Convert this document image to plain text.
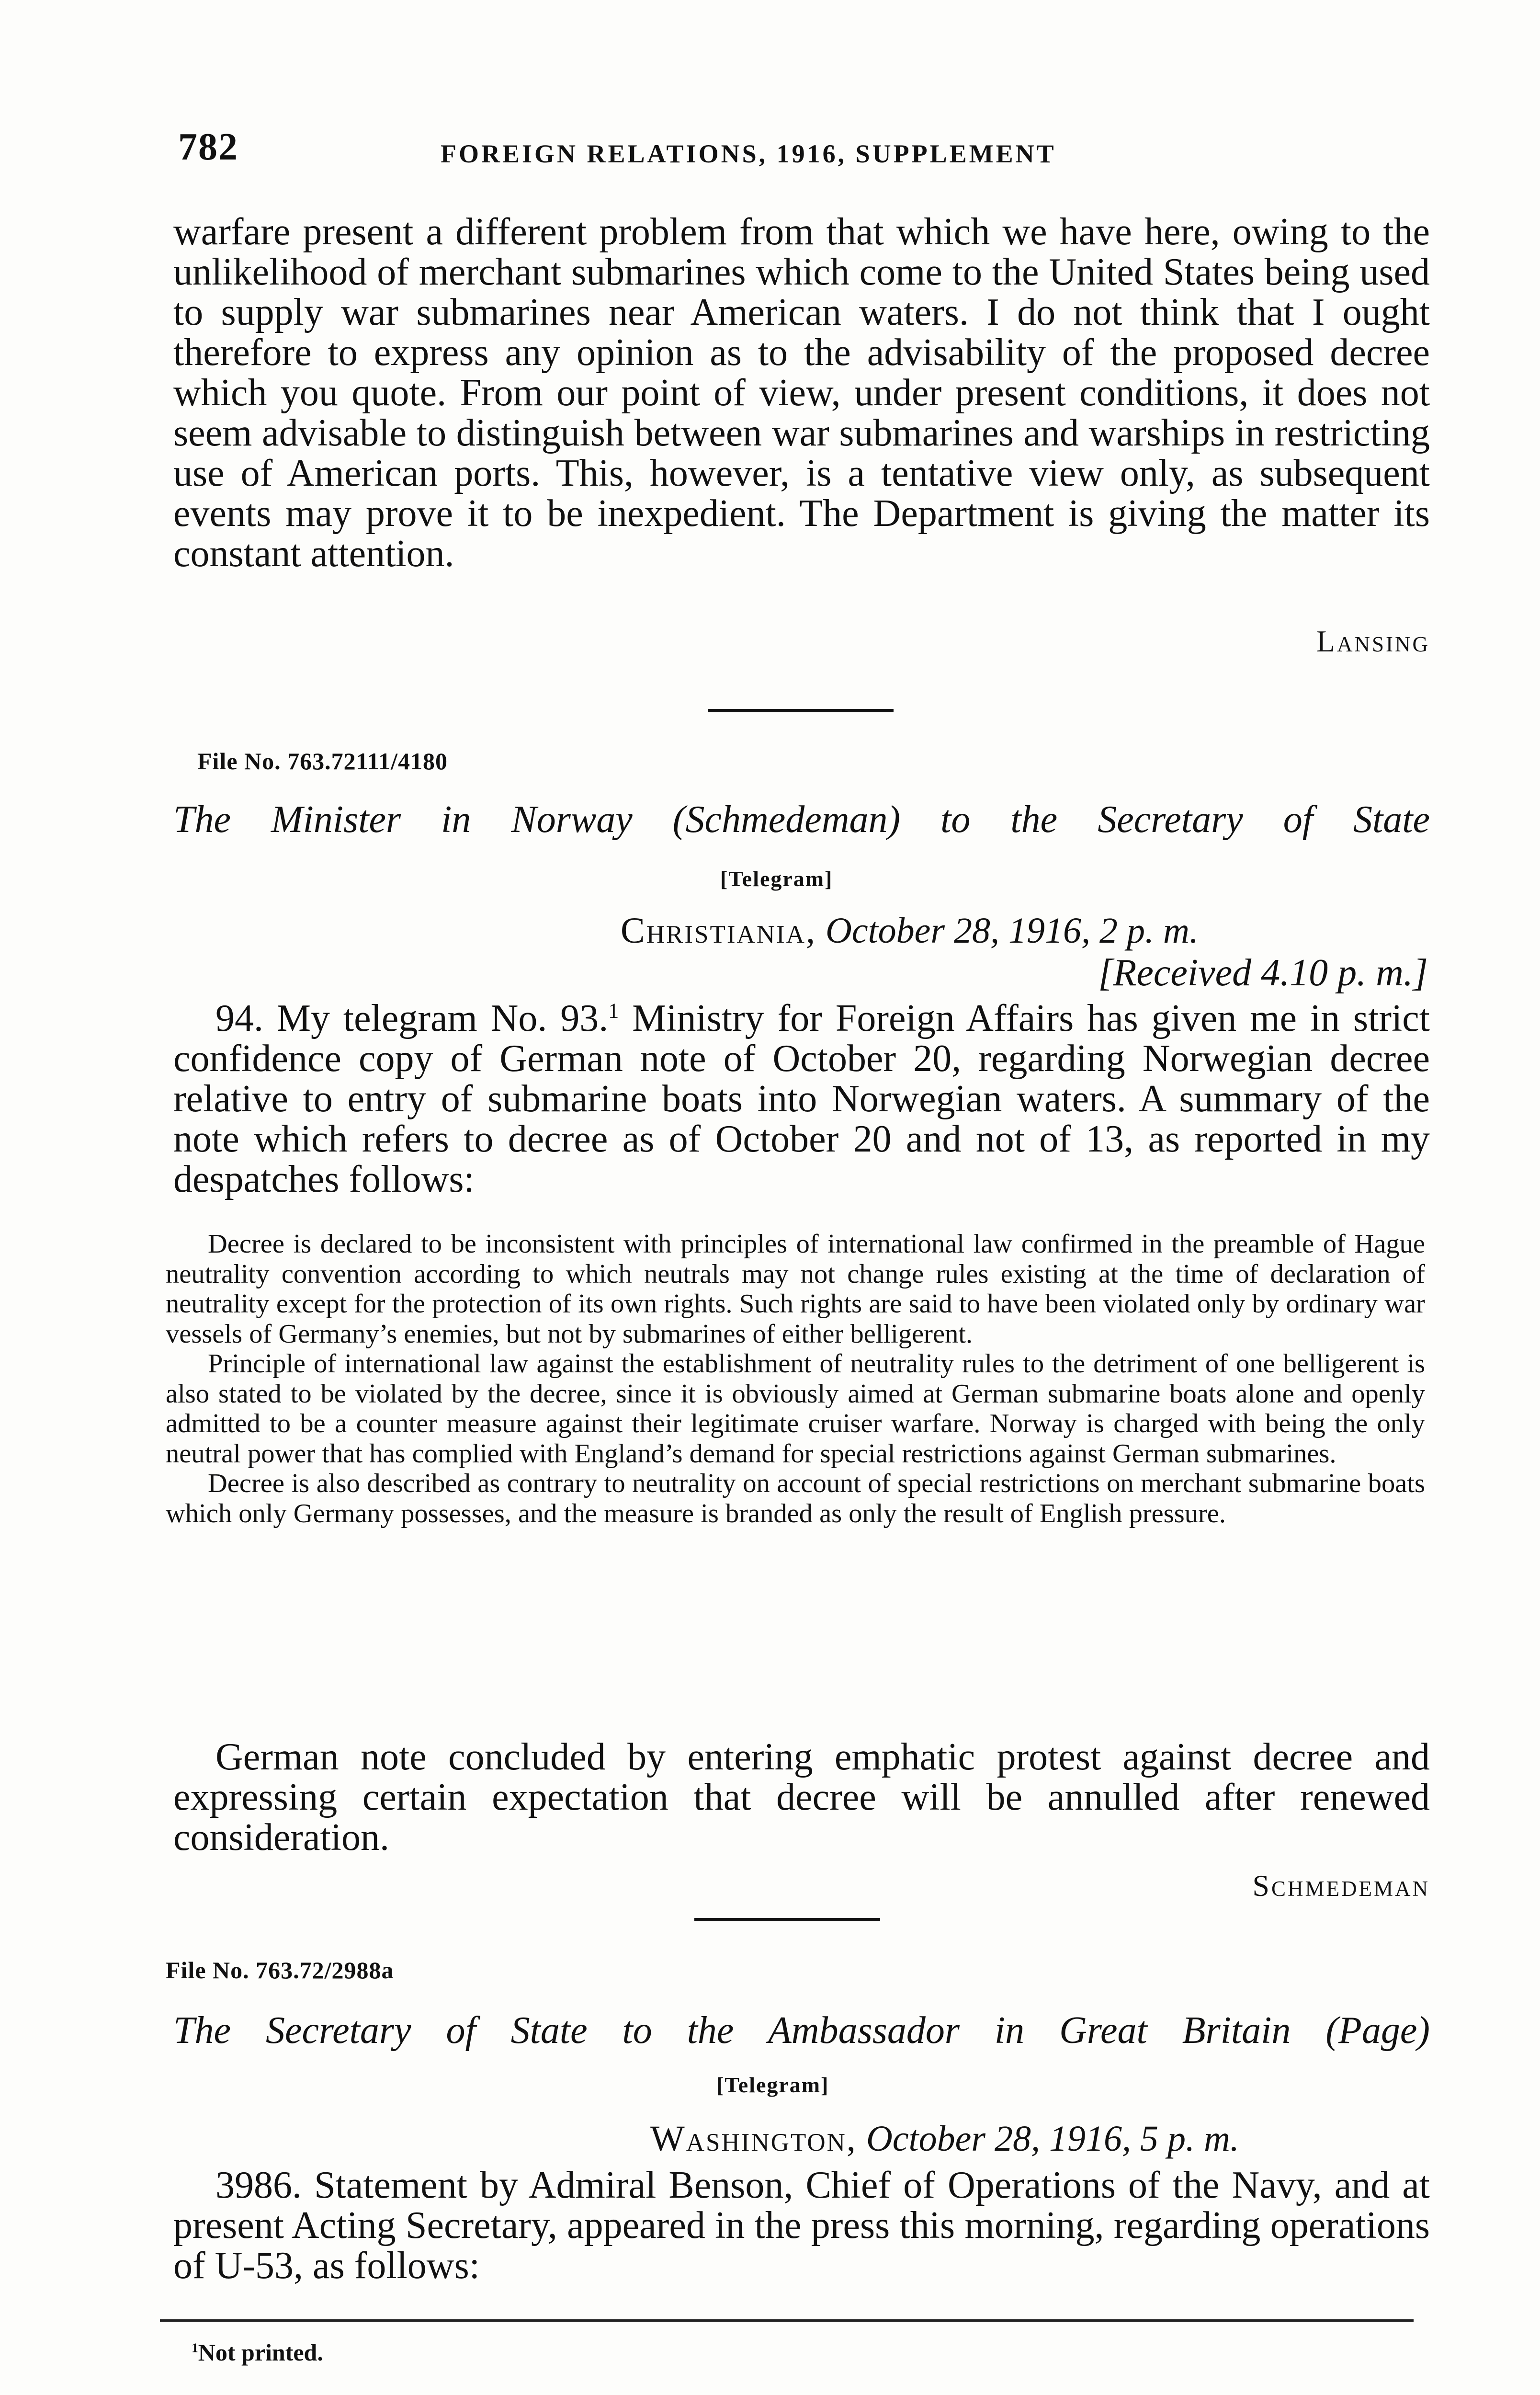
782	FOREIGN RELATIONS, 1916, SUPPLEMENT

warfare present a different problem from that which we have here, owing to the unlikelihood of merchant submarines which come to the United States being used to supply war submarines near American waters. I do not think that I ought therefore to express any opinion as to the advisability of the proposed decree which you quote. From our point of view, under present conditions, it does not seem advisable to distinguish between war submarines and warships in restricting use of American ports. This, however, is a tentative view only, as subsequent events may prove it to be inexpedient. The Department is giving the matter its constant attention.

Lansing
File No. 763.72111/4180
The Minister in Norway (Schmedeman) to the Secretary of State
[Telegram]
Christiania, October 28, 1916, 2 p. m.
[Received 4.10 p. m.]

94. My telegram No. 93.$^1$ Ministry for Foreign Affairs has given me in strict confidence copy of German note of October 20, regarding Norwegian decree relative to entry of submarine boats into Norwegian waters. A summary of the note which refers to decree as of October 20 and not of 13, as reported in my despatches follows:

Decree is declared to be inconsistent with principles of international law confirmed in the preamble of Hague neutrality convention according to which neutrals may not change rules existing at the time of declaration of neutrality except for the protection of its own rights. Such rights are said to have been violated only by ordinary war vessels of Germany’s enemies, but not by submarines of either belligerent.

Principle of international law against the establishment of neutrality rules to the detriment of one belligerent is also stated to be violated by the decree, since it is obviously aimed at German submarine boats alone and openly admitted to be a counter measure against their legitimate cruiser warfare. Norway is charged with being the only neutral power that has complied with England’s demand for special restrictions against German submarines.

Decree is also described as contrary to neutrality on account of special restrictions on merchant submarine boats which only Germany possesses, and the measure is branded as only the result of English pressure.

German note concluded by entering emphatic protest against decree and expressing certain expectation that decree will be annulled after renewed consideration.

Schmedeman
File No. 763.72/2988a
The Secretary of State to the Ambassador in Great Britain (Page)
[Telegram]
Washington, October 28, 1916, 5 p. m.

3986. Statement by Admiral Benson, Chief of Operations of the Navy, and at present Acting Secretary, appeared in the press this morning, regarding operations of U-53, as follows:

$^1$Not printed.
